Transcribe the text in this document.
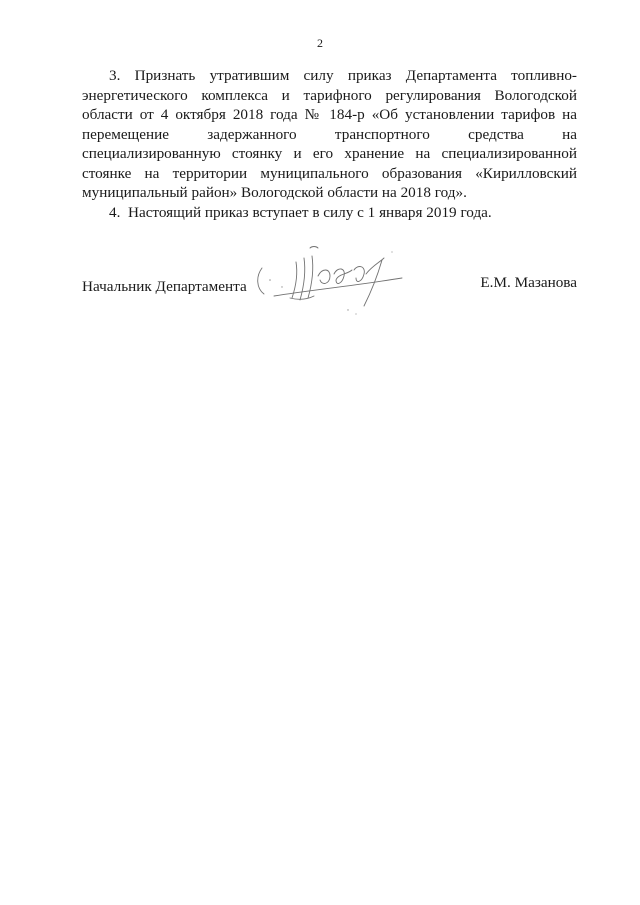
2

3. Признать утратившим силу приказ Департамента топливно-энергетического комплекса и тарифного регулирования Вологодской области от 4 октября 2018 года № 184-р «Об установлении тарифов на перемещение задержанного транспортного средства на специализированную стоянку и его хранение на специализированной стоянке на территории муниципального образования «Кирилловский муниципальный район» Вологодской области на 2018 год».

4. Настоящий приказ вступает в силу с 1 января 2019 года.

Начальник Департамента	Е.М. Мазанова
